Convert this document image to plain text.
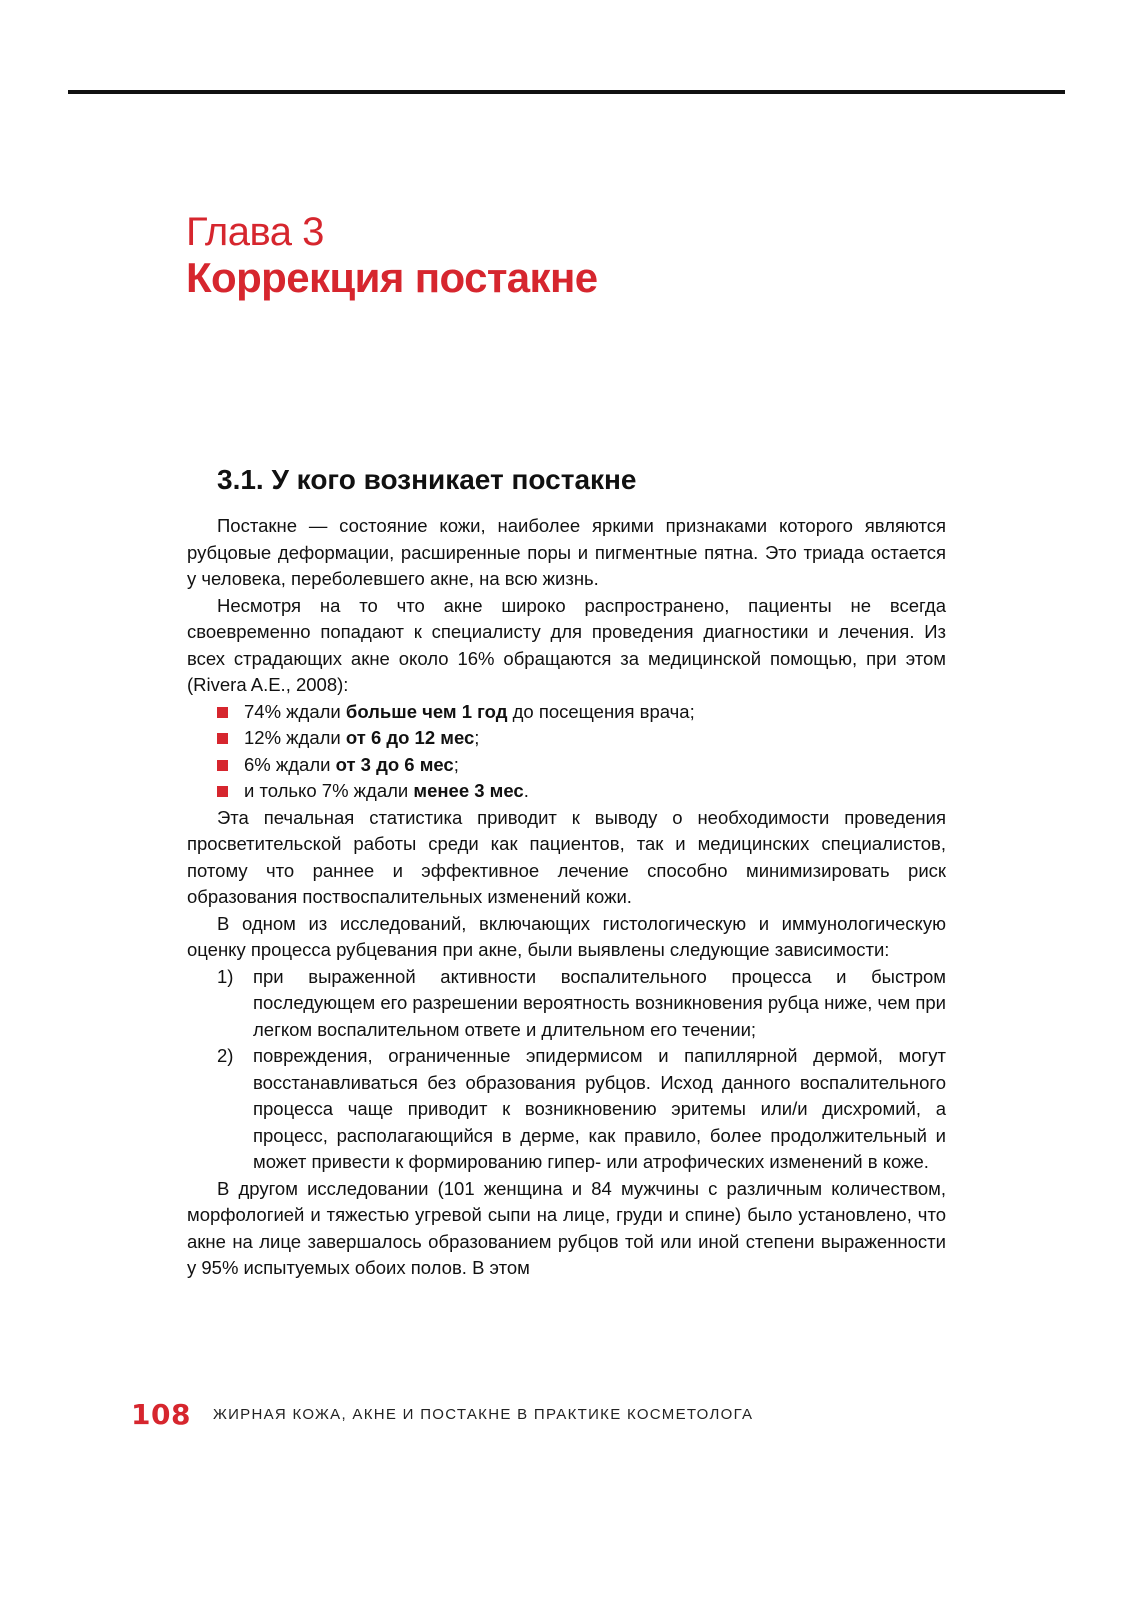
Глава 3
Коррекция постакне
3.1. У кого возникает постакне

Постакне — состояние кожи, наиболее яркими признаками которого являются рубцовые деформации, расширенные поры и пигментные пятна. Это триада остается у человека, переболевшего акне, на всю жизнь.

Несмотря на то что акне широко распространено, пациенты не всегда своевременно попадают к специалисту для проведения диагностики и лечения. Из всех страдающих акне около 16% обращаются за медицинской помощью, при этом (Rivera A.E., 2008):

74% ждали больше чем 1 год до посещения врача;
12% ждали от 6 до 12 мес;
6% ждали от 3 до 6 мес;
и только 7% ждали менее 3 мес.

Эта печальная статистика приводит к выводу о необходимости проведения просветительской работы среди как пациентов, так и медицинских специалистов, потому что раннее и эффективное лечение способно минимизировать риск образования поствоспалительных изменений кожи.

В одном из исследований, включающих гистологическую и иммунологическую оценку процесса рубцевания при акне, были выявлены следующие зависимости:

1) при выраженной активности воспалительного процесса и быстром последующем его разрешении вероятность возникновения рубца ниже, чем при легком воспалительном ответе и длительном его течении;
2) повреждения, ограниченные эпидермисом и папиллярной дермой, могут восстанавливаться без образования рубцов. Исход данного воспалительного процесса чаще приводит к возникновению эритемы или/и дисхромий, а процесс, располагающийся в дерме, как правило, более продолжительный и может привести к формированию гипер- или атрофических изменений в коже.

В другом исследовании (101 женщина и 84 мужчины с различным количеством, морфологией и тяжестью угревой сыпи на лице, груди и спине) было установлено, что акне на лице завершалось образованием рубцов той или иной степени выраженности у 95% испытуемых обоих полов. В этом

108 ЖИРНАЯ КОЖА, АКНЕ И ПОСТАКНЕ В ПРАКТИКЕ КОСМЕТОЛОГА
